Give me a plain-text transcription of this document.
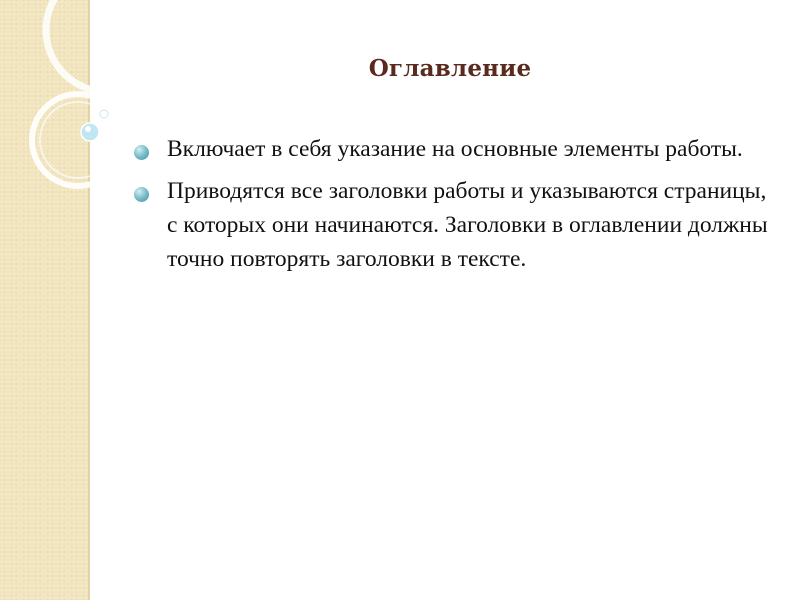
Оглавление
Включает в себя указание на основные элементы работы.
Приводятся все заголовки работы и указываются страницы, с которых они начинаются. Заголовки в оглавлении должны точно повторять заголовки в тексте.
